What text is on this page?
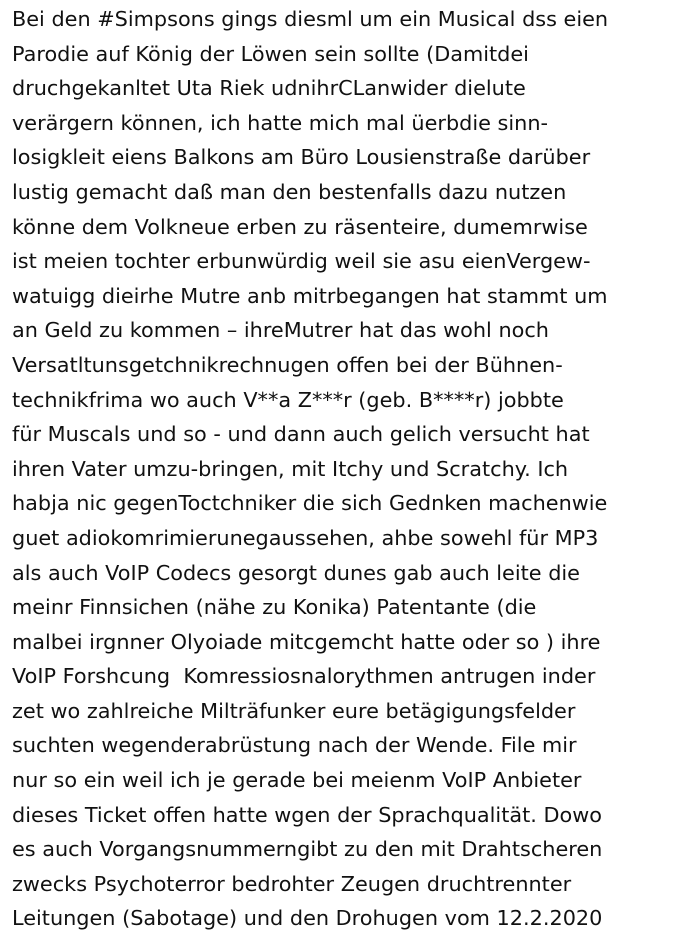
Bei den #Simpsons gings diesml um ein Musical dss eien
Parodie auf König der Löwen sein sollte (Damitdei
druchgekanltet Uta Riek udnihrCLanwider dielute
verärgern können, ich hatte mich mal üerbdie sinn-
losigkleit eiens Balkons am Büro Lousienstraße darüber
lustig gemacht daß man den bestenfalls dazu nutzen
könne dem Volkneue erben zu räsenteire, dumemrwise
ist meien tochter erbunwürdig weil sie asu eienVergew-
watuigg dieirhe Mutre anb mitrbegangen hat stammt um
an Geld zu kommen – ihreMutrer hat das wohl noch
Versatltunsgetchnikrechnugen offen bei der Bühnen-
technikfrima wo auch V**a Z***r (geb. B****r) jobbte
für Muscals und so - und dann auch gelich versucht hat
ihren Vater umzu-bringen, mit Itchy und Scratchy. Ich
habja nic gegenToctchniker die sich Gednken machenwie
guet adiokomrimierunegaussehen, ahbe sowehl für MP3
als auch VoIP Codecs gesorgt dunes gab auch leite die
meinr Finnsichen (nähe zu Konika) Patentante (die
malbei irgnner Olyoiade mitcgemcht hatte oder so ) ihre
VoIP Forshcung  Komressiosnalorythmen antrugen inder
zet wo zahlreiche Milträfunker eure betägigungsfelder
suchten wegenderabrüstung nach der Wende. File mir
nur so ein weil ich je gerade bei meienm VoIP Anbieter
dieses Ticket offen hatte wgen der Sprachqualität. Dowo
es auch Vorgangsnummerngibt zu den mit Drahtscheren
zwecks Psychoterror bedrohter Zeugen druchtrennter
Leitungen (Sabotage) und den Drohugen vom 12.2.2020
